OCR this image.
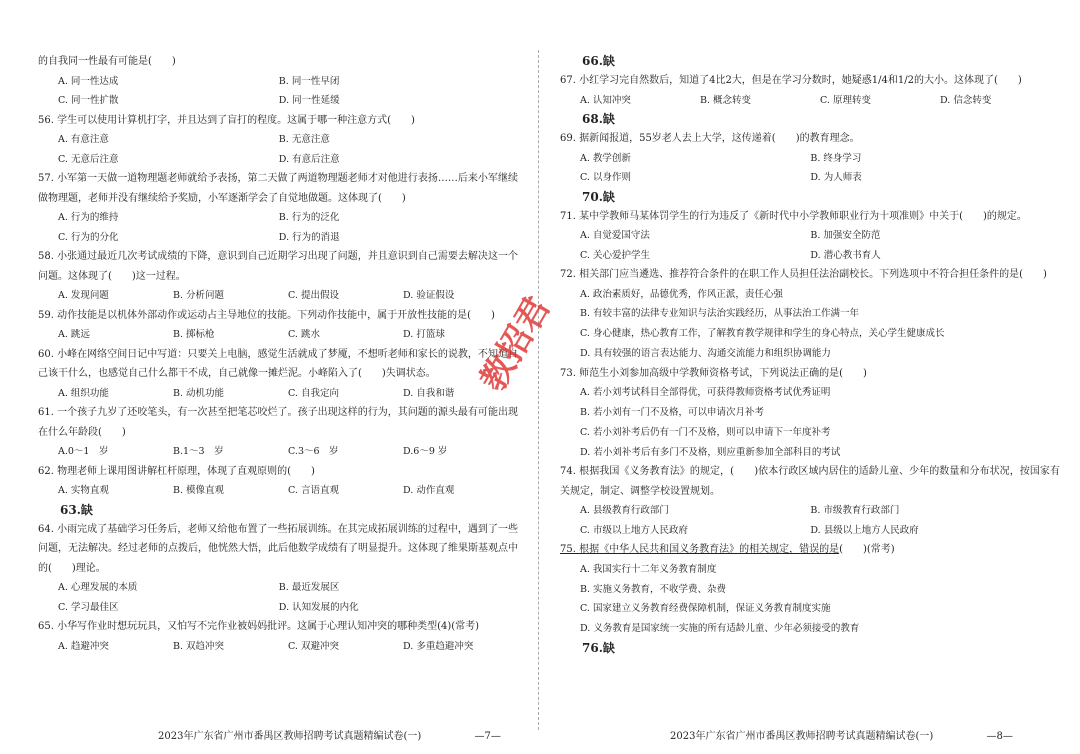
的自我同一性最有可能是(　　)
A. 同一性达成	B. 同一性早闭
C. 同一性扩散	D. 同一性延缓
56. 学生可以使用计算机打字，并且达到了盲打的程度。这属于哪一种注意方式(　　)
A. 有意注意	B. 无意注意
C. 无意后注意	D. 有意后注意
57. 小军第一天做一道物理题老师就给予表扬，第二天做了两道物理题老师才对他进行表扬……后来小军继续做物理题，老师并没有继续给予奖励，小军逐渐学会了自觉地做题。这体现了(　　)
A. 行为的维持	B. 行为的泛化
C. 行为的分化	D. 行为的消退
58. 小张通过最近几次考试成绩的下降，意识到自己近期学习出现了问题，并且意识到自己需要去解决这一个问题。这体现了(　　)这一过程。
A. 发现问题	B. 分析问题	C. 提出假设	D. 验证假设
59. 动作技能是以机体外部动作或运动占主导地位的技能。下列动作技能中，属于开放性技能的是(　　)
A. 跳远	B. 掷标枪	C. 跳水	D. 打篮球
60. 小峰在网络空间日记中写道：只要关上电脑，感觉生活就成了梦魇，不想听老师和家长的说教，不知道自己该干什么，也感觉自己什么都干不成，自己就像一摊烂泥。小峰陷入了(　　)失调状态。
A. 组织功能	B. 动机功能	C. 自我定向	D. 自我和谐
61. 一个孩子九岁了还咬笔头，有一次甚至把笔芯咬烂了。孩子出现这样的行为，其问题的源头最有可能出现在什么年龄段(　　)
A.0～1　岁	B.1～3　岁	C.3～6　岁	D.6～9 岁
62. 物理老师上课用图讲解杠杆原理，体现了直观原则的(　　)
A. 实物直观	B. 模像直观	C. 言语直观	D. 动作直观
63.缺
64. 小雨完成了基础学习任务后，老师又给他布置了一些拓展训练。在其完成拓展训练的过程中，遇到了一些问题，无法解决。经过老师的点拨后，他恍然大悟，此后他数学成绩有了明显提升。这体现了维果斯基观点中的(　　)理论。
A. 心理发展的本质	B. 最近发展区
C. 学习最佳区	D. 认知发展的内化
65. 小华写作业时想玩玩具，又怕写不完作业被妈妈批评。这属于心理认知冲突的哪种类型(4)(常考)
A. 趋避冲突	B. 双趋冲突	C. 双避冲突	D. 多重趋避冲突
2023年广东省广州市番禺区教师招聘考试真题精编试卷(一)	—7—
66.缺
67. 小红学习完自然数后，知道了4比2大，但是在学习分数时，她疑惑1/4和1/2的大小。这体现了(　　)
A. 认知冲突	B. 概念转变	C. 原理转变	D. 信念转变
68.缺
69. 据新闻报道，55岁老人去上大学，这传递着(　　)的教育理念。
A. 教学创新	B. 终身学习
C. 以身作则	D. 为人师表
70.缺
71. 某中学教师马某体罚学生的行为违反了《新时代中小学教师职业行为十项准则》中关于(　　)的规定。
A. 自觉爱国守法	B. 加强安全防范
C. 关心爱护学生	D. 潜心教书育人
72. 相关部门应当遴选、推荐符合条件的在职工作人员担任法治副校长。下列选项中不符合担任条件的是(　　)
A. 政治素质好，品德优秀，作风正派，责任心强
B. 有较丰富的法律专业知识与法治实践经历，从事法治工作满一年
C. 身心健康，热心教育工作，了解教育教学规律和学生的身心特点，关心学生健康成长
D. 具有较强的语言表达能力、沟通交流能力和组织协调能力
73. 师范生小刘参加高级中学教师资格考试，下列说法正确的是(　　)
A. 若小刘考试科目全部得优，可获得教师资格考试优秀证明
B. 若小刘有一门不及格，可以申请次月补考
C. 若小刘补考后仍有一门不及格，则可以申请下一年度补考
D. 若小刘补考后有多门不及格，则应重新参加全部科目的考试
74. 根据我国《义务教育法》的规定，(　　)依本行政区域内居住的适龄儿童、少年的数量和分布状况，按国家有关规定，制定、调整学校设置规划。
A. 县级教育行政部门	B. 市级教育行政部门
C. 市级以上地方人民政府	D. 县级以上地方人民政府
75. 根据《中华人民共和国义务教育法》的相关规定，错误的是(　　)(常考)
A. 我国实行十二年义务教育制度
B. 实施义务教育，不收学费、杂费
C. 国家建立义务教育经费保障机制，保证义务教育制度实施
D. 义务教育是国家统一实施的所有适龄儿童、少年必须接受的教育
76.缺
2023年广东省广州市番禺区教师招聘考试真题精编试卷(一)	—8—
教招君
